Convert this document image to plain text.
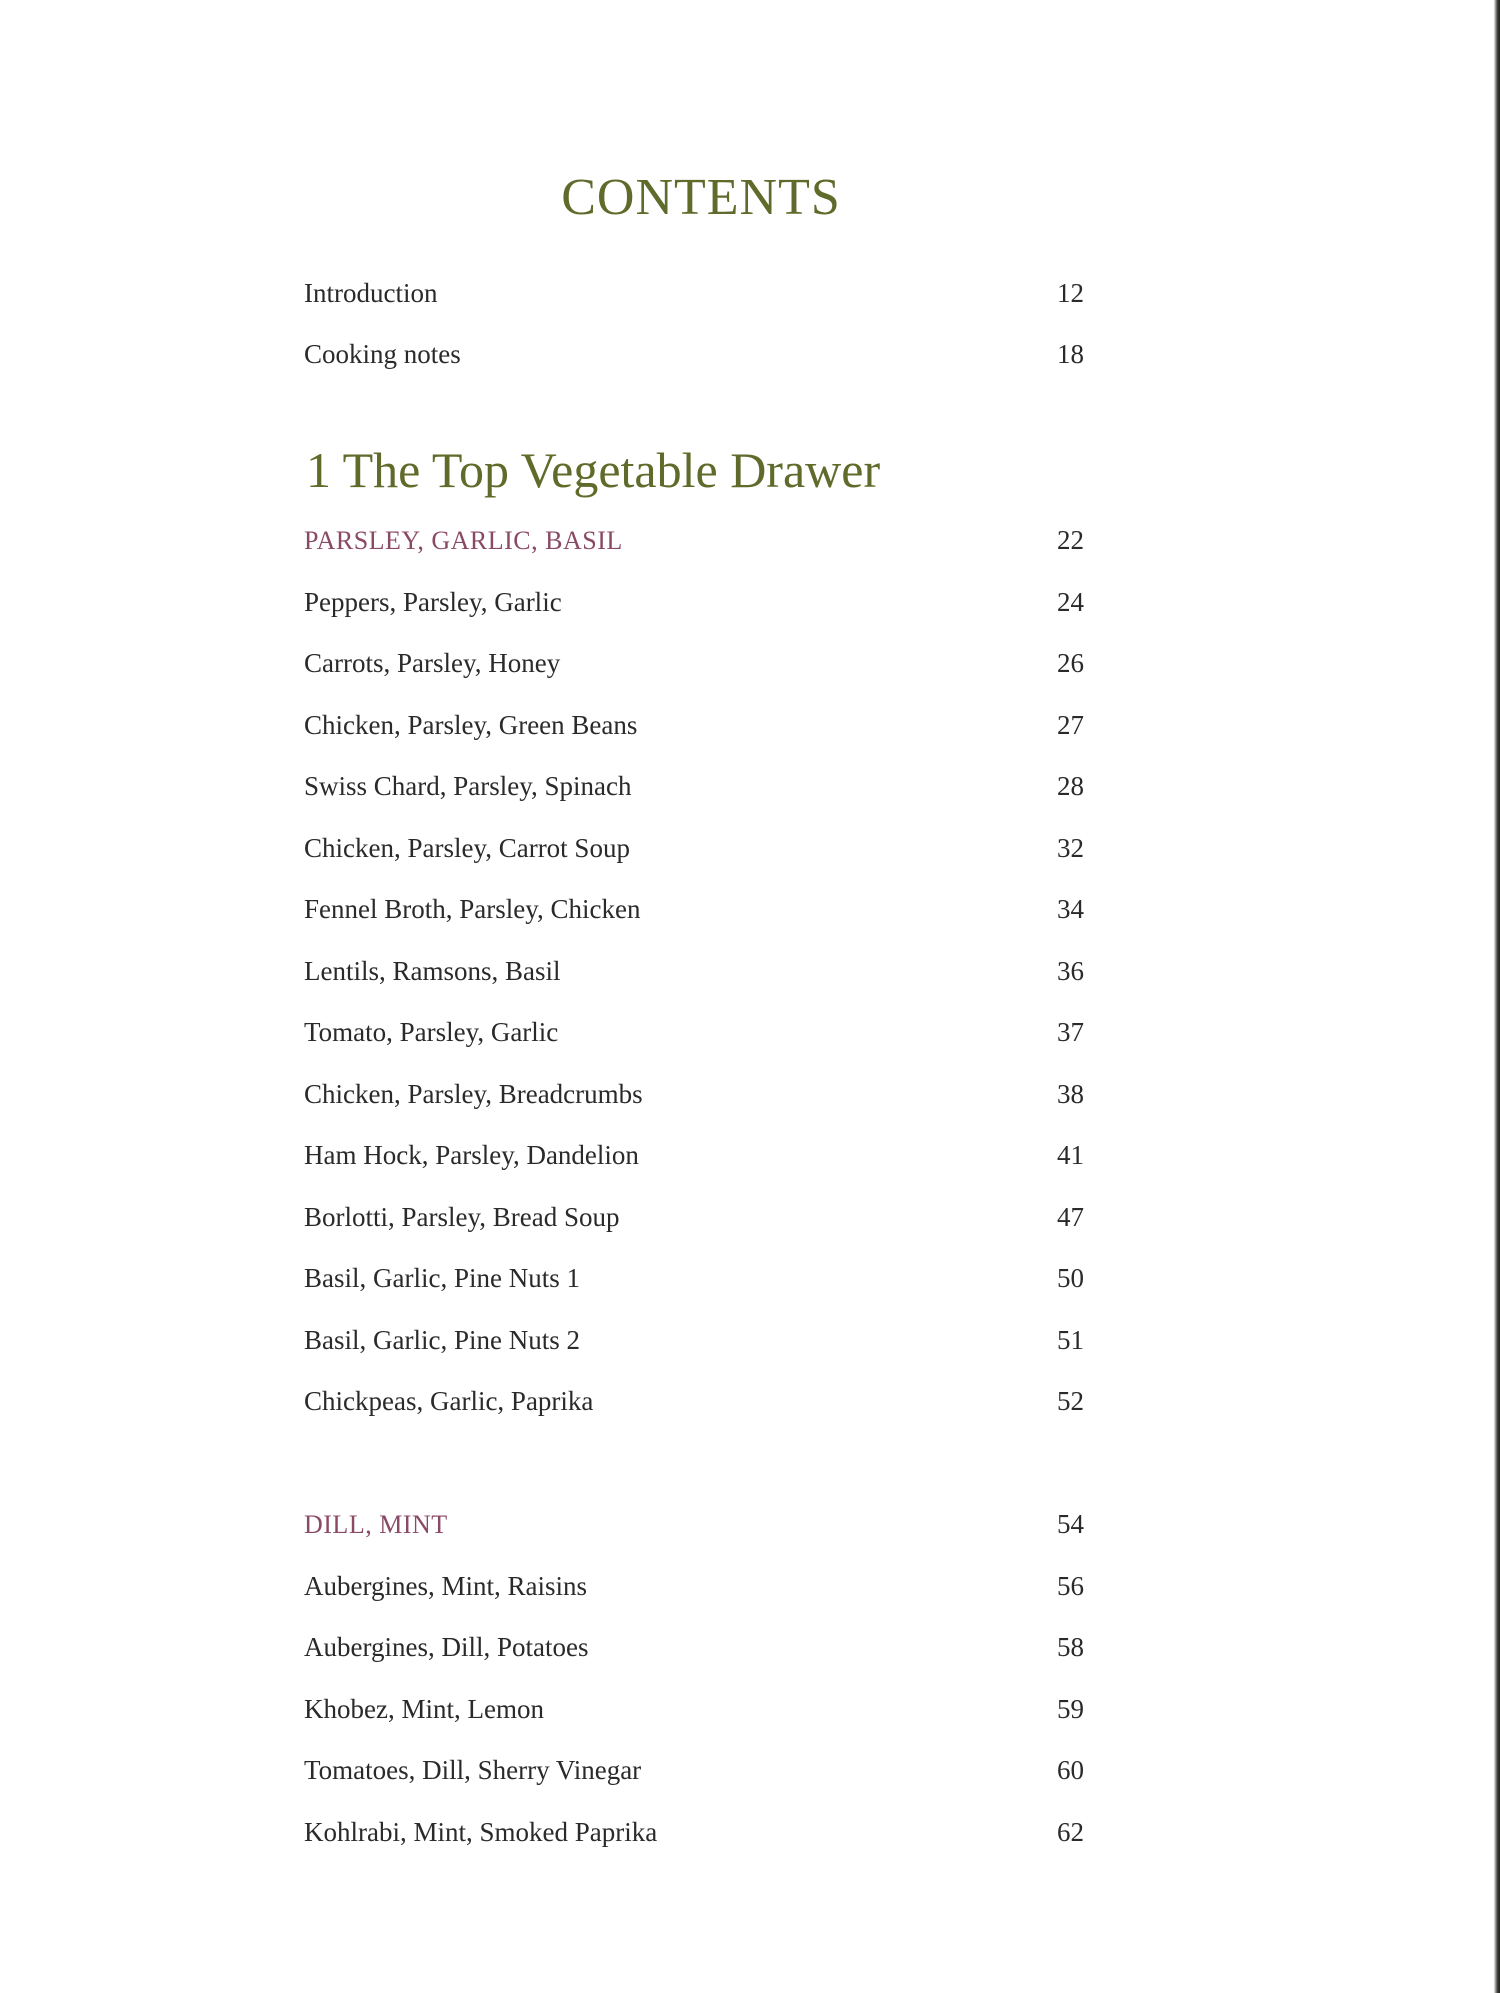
CONTENTS
Introduction	12
Cooking notes	18
1 The Top Vegetable Drawer
PARSLEY, GARLIC, BASIL	22
Peppers, Parsley, Garlic	24
Carrots, Parsley, Honey	26
Chicken, Parsley, Green Beans	27
Swiss Chard, Parsley, Spinach	28
Chicken, Parsley, Carrot Soup	32
Fennel Broth, Parsley, Chicken	34
Lentils, Ramsons, Basil	36
Tomato, Parsley, Garlic	37
Chicken, Parsley, Breadcrumbs	38
Ham Hock, Parsley, Dandelion	41
Borlotti, Parsley, Bread Soup	47
Basil, Garlic, Pine Nuts 1	50
Basil, Garlic, Pine Nuts 2	51
Chickpeas, Garlic, Paprika	52
DILL, MINT	54
Aubergines, Mint, Raisins	56
Aubergines, Dill, Potatoes	58
Khobez, Mint, Lemon	59
Tomatoes, Dill, Sherry Vinegar	60
Kohlrabi, Mint, Smoked Paprika	62
